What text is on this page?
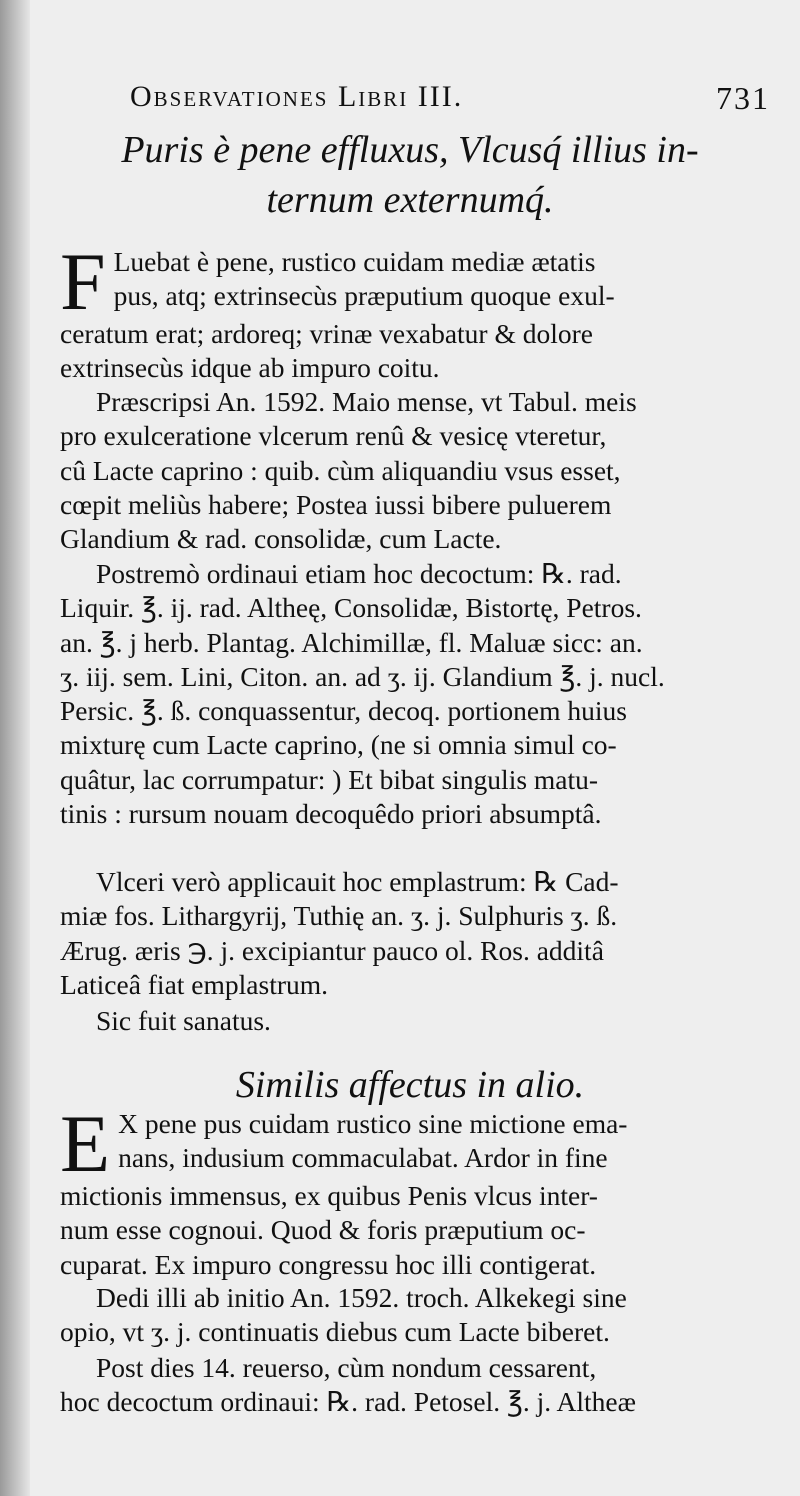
Observationes Libri III.	731
Puris è pene effluxus, Vlcusq́ illius in-
ternum externumq́.
F Luebat è pene, rustico cuidam mediæ ætatis
pus, atq; extrinsecùs præputium quoque exul-
ceratum erat; ardoreq; vrinæ vexabatur & dolore
extrinsecùs idque ab impuro coitu.
Præscripsi An. 1592. Maio mense, vt Tabul. meis
pro exulceratione vlcerum renû & vesicę vteretur,
cû Lacte caprino : quib. cùm aliquandiu vsus esset,
cœpit meliùs habere; Postea iussi bibere puluerem
Glandium & rad. consolidæ, cum Lacte.
Postremò ordinaui etiam hoc decoctum: ℞. rad.
Liquir. ℥. ij. rad. Altheę, Consolidæ, Bistortę, Petros.
an. ℥. j herb. Plantag. Alchimillæ, fl. Maluæ sicc: an.
ʒ. iij. sem. Lini, Citon. an. ad ʒ. ij. Glandium ℥. j. nucl.
Persic. ℥. ß. conquassentur, decoq. portionem huius
mixturę cum Lacte caprino, (ne si omnia simul co-
quâtur, lac corrumpatur: ) Et bibat singulis matu-
tinis : rursum nouam decoquêdo priori absumptâ.
Vlceri verò applicauit hoc emplastrum: ℞ Cad-
miæ fos. Lithargyrij, Tuthię an. ʒ. j. Sulphuris ʒ. ß.
Ærug. æris ℈. j. excipiantur pauco ol. Ros. additâ
Laticeâ fiat emplastrum.
Sic fuit sanatus.
Similis affectus in alio.
E X pene pus cuidam rustico sine mictione ema-
nans, indusium commaculabat. Ardor in fine
mictionis immensus, ex quibus Penis vlcus inter-
num esse cognoui. Quod & foris præputium oc-
cuparat. Ex impuro congressu hoc illi contigerat.
Dedi illi ab initio An. 1592. troch. Alkekegi sine
opio, vt ʒ. j. continuatis diebus cum Lacte biberet.
Post dies 14. reuerso, cùm nondum cessarent,
hoc decoctum ordinaui: ℞. rad. Petosel. ℥. j. Altheæ
